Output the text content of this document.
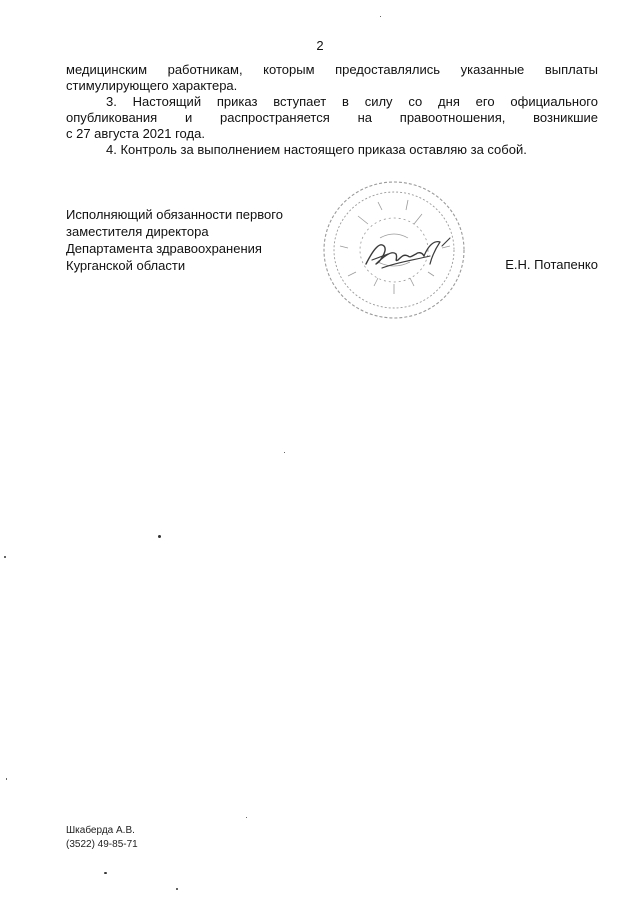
2

медицинским работникам, которым предоставлялись указанные выплаты
стимулирующего характера.

3. Настоящий приказ вступает в силу со дня его официального
опубликования и распространяется на правоотношения, возникшие
с 27 августа 2021 года.

4. Контроль за выполнением настоящего приказа оставляю за собой.

Исполняющий обязанности первого
заместителя директора
Департамента здравоохранения
Курганской области	Е.Н. Потапенко
Шкаберда А.В.
(3522) 49-85-71
